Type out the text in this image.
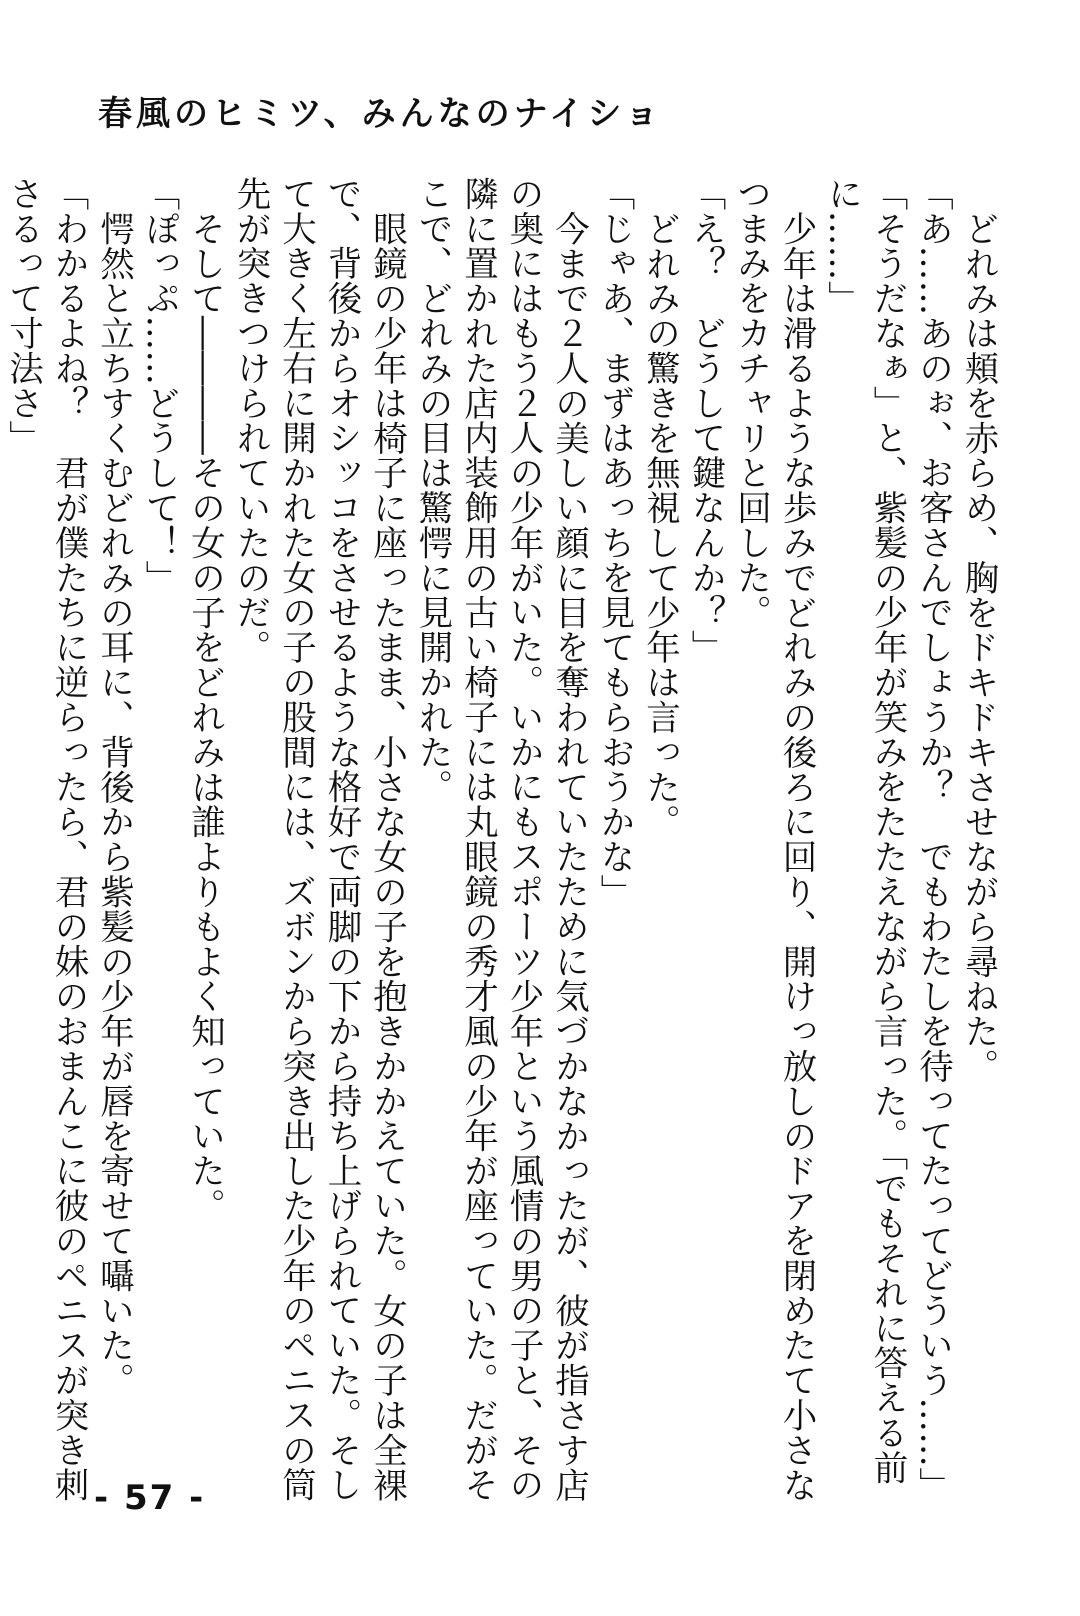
春風のヒミツ、みんなのナイショ

どれみは頬を赤らめ、胸をドキドキさせながら尋ねた。

「あ……あのぉ、お客さんでしょうか？　でもわたしを待ってたってどういう……」

「そうだなぁ」と、紫髪の少年が笑みをたたえながら言った。「でもそれに答える前に……」

少年は滑るような歩みでどれみの後ろに回り、開けっ放しのドアを閉めたて小さなつまみをカチャリと回した。

「え？　どうして鍵なんか？」

どれみの驚きを無視して少年は言った。

「じゃあ、まずはあっちを見てもらおうかな」

今まで２人の美しい顔に目を奪われていたために気づかなかったが、彼が指さす店の奥にはもう２人の少年がいた。いかにもスポーツ少年という風情の男の子と、その隣に置かれた店内装飾用の古い椅子には丸眼鏡の秀才風の少年が座っていた。だがそこで、どれみの目は驚愕に見開かれた。

眼鏡の少年は椅子に座ったまま、小さな女の子を抱きかかえていた。女の子は全裸で、背後からオシッコをさせるような格好で両脚の下から持ち上げられていた。そして大きく左右に開かれた女の子の股間には、ズボンから突き出した少年のペニスの筒先が突きつけられていたのだ。

そして――――その女の子をどれみは誰よりもよく知っていた。

「ぽっぷ……どうして！」

愕然と立ちすくむどれみの耳に、背後から紫髪の少年が唇を寄せて囁いた。

「わかるよね？　君が僕たちに逆らったら、君の妹のおまんこに彼のペニスが突き刺さるって寸法さ」

- 57 -
